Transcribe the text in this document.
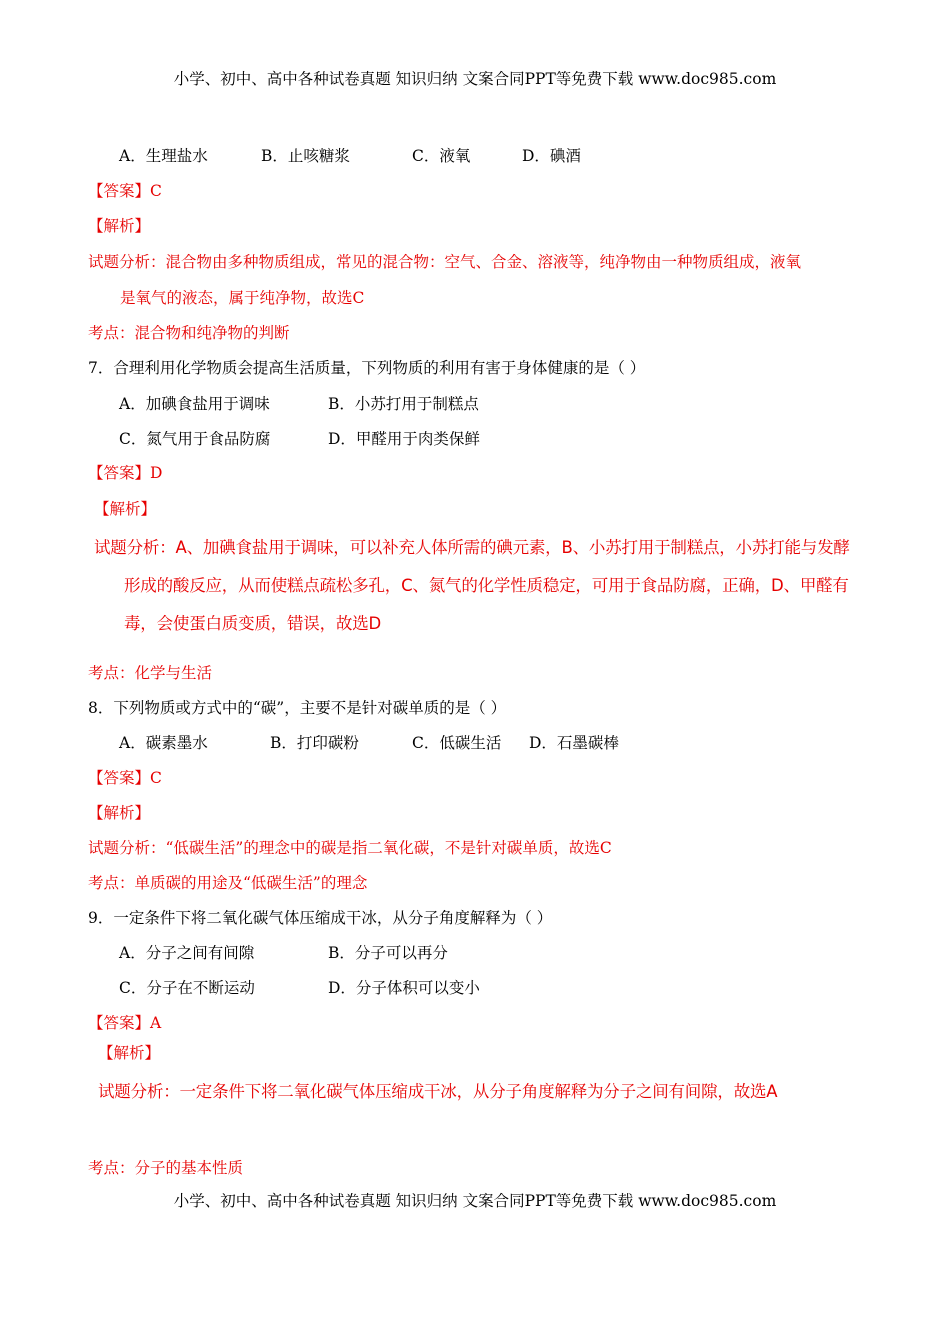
小学、初中、高中各种试卷真题 知识归纳 文案合同PPT等免费下载 www.doc985.com
A．生理盐水	B．止咳糖浆	C．液氧	D．碘酒
【答案】C
【解析】
试题分析：混合物由多种物质组成，常见的混合物：空气、合金、溶液等，纯净物由一种物质组成，液氧
是氧气的液态，属于纯净物，故选C
考点：混合物和纯净物的判断
7．合理利用化学物质会提高生活质量，下列物质的利用有害于身体健康的是（ ）
A．加碘食盐用于调味	B．小苏打用于制糕点
C．氮气用于食品防腐	D．甲醛用于肉类保鲜
【答案】D
【解析】
试题分析：A、加碘食盐用于调味，可以补充人体所需的碘元素，B、小苏打用于制糕点，小苏打能与发酵
形成的酸反应，从而使糕点疏松多孔，C、氮气的化学性质稳定，可用于食品防腐，正确，D、甲醛有
毒，会使蛋白质变质，错误，故选D
考点：化学与生活
8．下列物质或方式中的“碳”，主要不是针对碳单质的是（ ）
A．碳素墨水	B．打印碳粉	C．低碳生活 D．石墨碳棒
【答案】C
【解析】
试题分析：“低碳生活”的理念中的碳是指二氧化碳，不是针对碳单质，故选C
考点：单质碳的用途及“低碳生活”的理念
9．一定条件下将二氧化碳气体压缩成干冰，从分子角度解释为（ ）
A．分子之间有间隙	B．分子可以再分
C．分子在不断运动	D．分子体积可以变小
【答案】A
【解析】
试题分析：一定条件下将二氧化碳气体压缩成干冰，从分子角度解释为分子之间有间隙，故选A
考点：分子的基本性质
小学、初中、高中各种试卷真题 知识归纳 文案合同PPT等免费下载 www.doc985.com
